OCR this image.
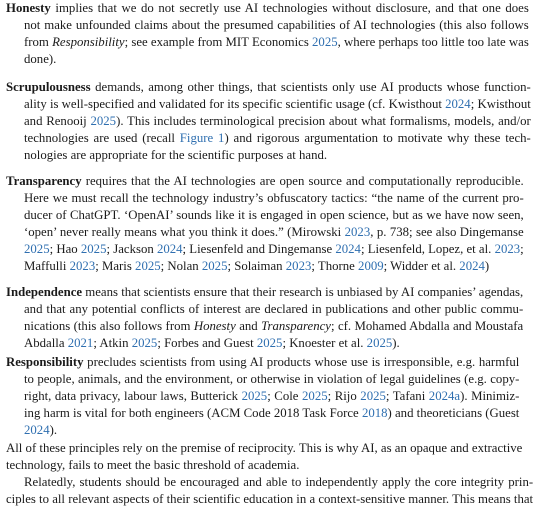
Honesty implies that we do not secretly use AI technologies without disclosure, and that one does
not make unfounded claims about the presumed capabilities of AI technologies (this also follows
from Responsibility; see example from MIT Economics 2025, where perhaps too little too late was
done).

Scrupulousness demands, among other things, that scientists only use AI products whose function-
ality is well-specified and validated for its specific scientific usage (cf. Kwisthout 2024; Kwisthout
and Renooij 2025). This includes terminological precision about what formalisms, models, and/or
technologies are used (recall Figure 1) and rigorous argumentation to motivate why these tech-
nologies are appropriate for the scientific purposes at hand.

Transparency requires that the AI technologies are open source and computationally reproducible.
Here we must recall the technology industry’s obfuscatory tactics: “the name of the current pro-
ducer of ChatGPT. ‘OpenAI’ sounds like it is engaged in open science, but as we have now seen,
‘open’ never really means what you think it does.” (Mirowski 2023, p. 738; see also Dingemanse
2025; Hao 2025; Jackson 2024; Liesenfeld and Dingemanse 2024; Liesenfeld, Lopez, et al. 2023;
Maffulli 2023; Maris 2025; Nolan 2025; Solaiman 2023; Thorne 2009; Widder et al. 2024)

Independence means that scientists ensure that their research is unbiased by AI companies’ agendas,
and that any potential conflicts of interest are declared in publications and other public commu-
nications (this also follows from Honesty and Transparency; cf. Mohamed Abdalla and Moustafa
Abdalla 2021; Atkin 2025; Forbes and Guest 2025; Knoester et al. 2025).

Responsibility precludes scientists from using AI products whose use is irresponsible, e.g. harmful
to people, animals, and the environment, or otherwise in violation of legal guidelines (e.g. copy-
right, data privacy, labour laws, Butterick 2025; Cole 2025; Rijo 2025; Tafani 2024a). Minimiz-
ing harm is vital for both engineers (ACM Code 2018 Task Force 2018) and theoreticians (Guest
2024).

All of these principles rely on the premise of reciprocity. This is why AI, as an opaque and extractive
technology, fails to meet the basic threshold of academia.

Relatedly, students should be encouraged and able to independently apply the core integrity prin-
ciples to all relevant aspects of their scientific education in a context-sensitive manner. This means that
